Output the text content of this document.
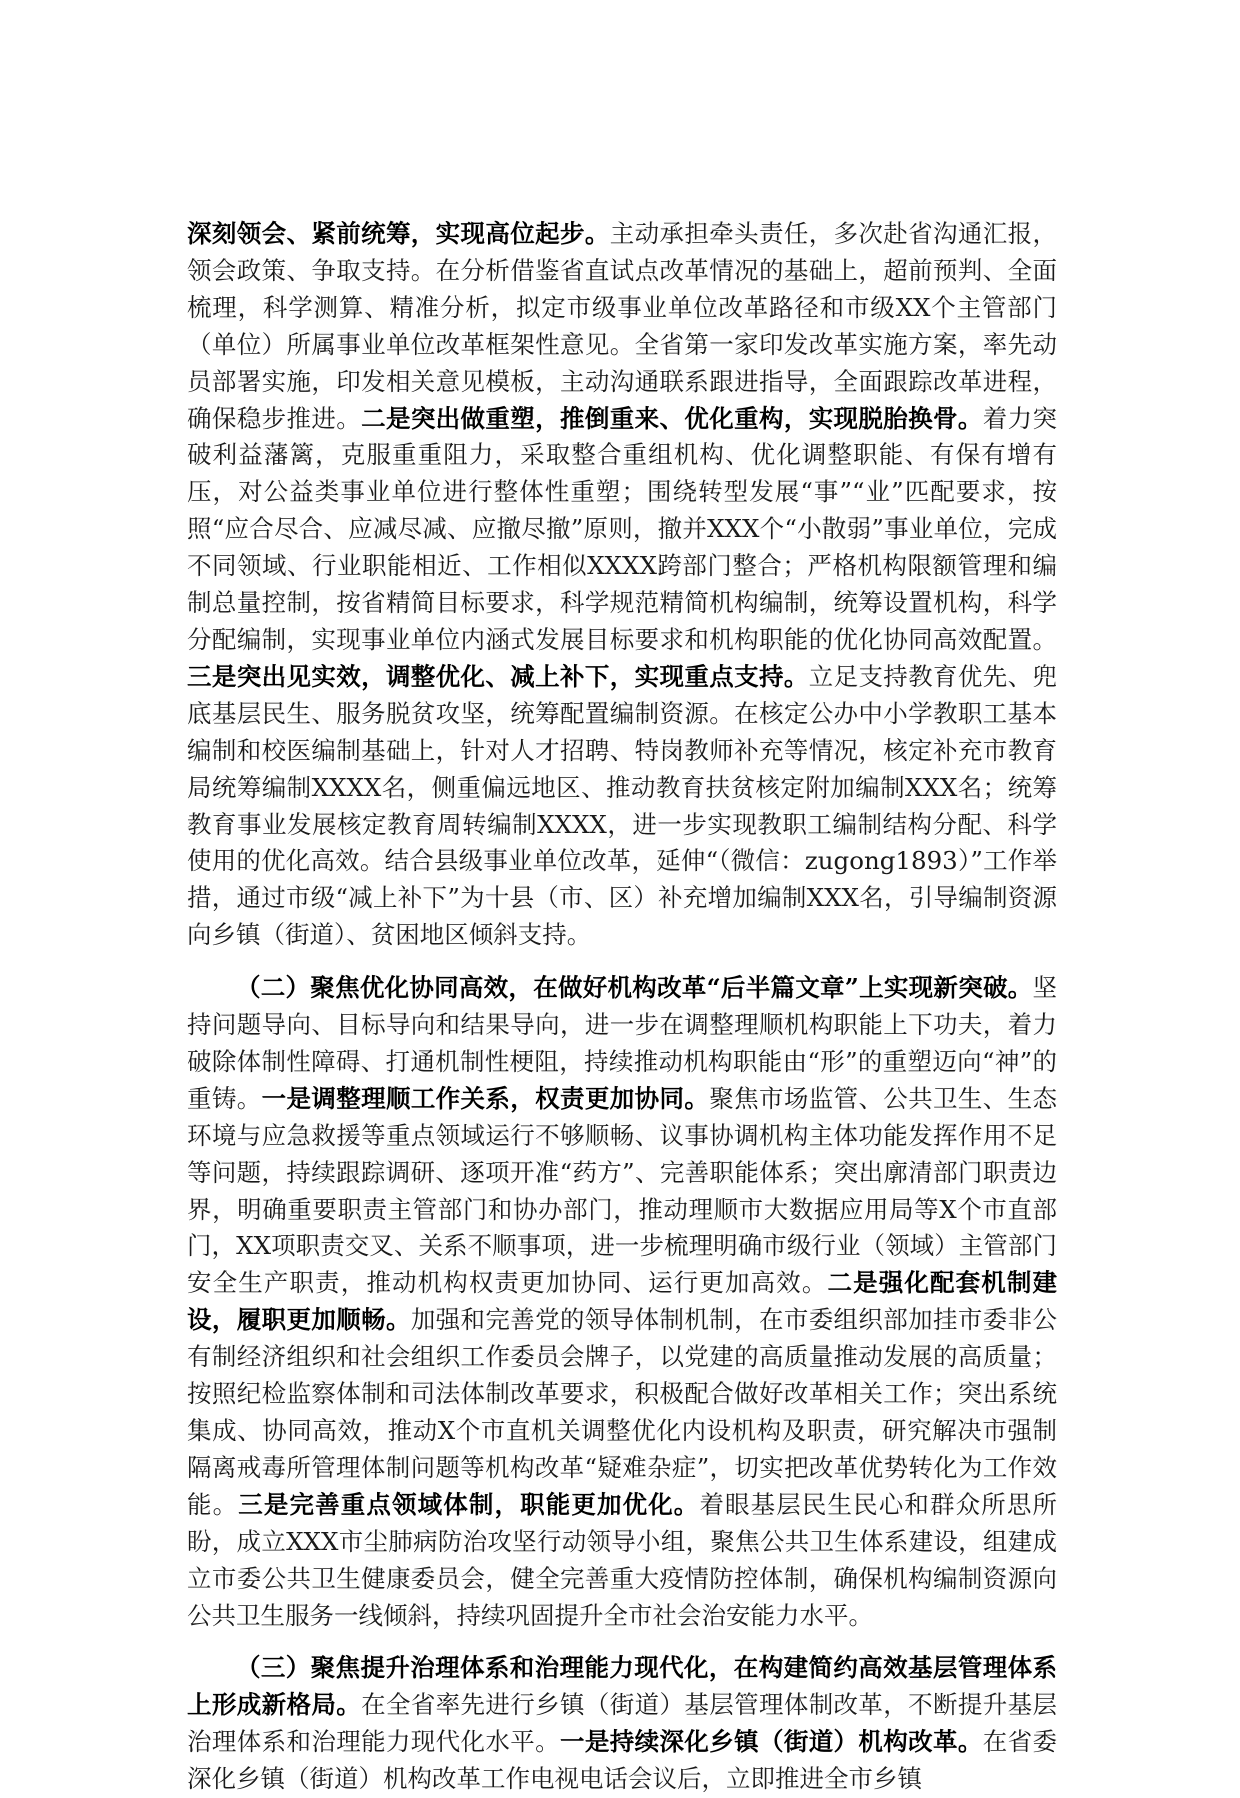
深刻领会、紧前统筹，实现高位起步。主动承担牵头责任，多次赴省沟通汇报，领会政策、争取支持。在分析借鉴省直试点改革情况的基础上，超前预判、全面梳理，科学测算、精准分析，拟定市级事业单位改革路径和市级XX个主管部门（单位）所属事业单位改革框架性意见。全省第一家印发改革实施方案，率先动员部署实施，印发相关意见模板，主动沟通联系跟进指导，全面跟踪改革进程，确保稳步推进。二是突出做重塑，推倒重来、优化重构，实现脱胎换骨。着力突破利益藩篱，克服重重阻力，采取整合重组机构、优化调整职能、有保有增有压，对公益类事业单位进行整体性重塑；围绕转型发展“事”“业”匹配要求，按照“应合尽合、应减尽减、应撤尽撤”原则，撤并XXX个“小散弱”事业单位，完成不同领域、行业职能相近、工作相似XXXX跨部门整合；严格机构限额管理和编制总量控制，按省精简目标要求，科学规范精简机构编制，统筹设置机构，科学分配编制，实现事业单位内涵式发展目标要求和机构职能的优化协同高效配置。三是突出见实效，调整优化、减上补下，实现重点支持。立足支持教育优先、兜底基层民生、服务脱贫攻坚，统筹配置编制资源。在核定公办中小学教职工基本编制和校医编制基础上，针对人才招聘、特岗教师补充等情况，核定补充市教育局统筹编制XXXX名，侧重偏远地区、推动教育扶贫核定附加编制XXX名；统筹教育事业发展核定教育周转编制XXXX，进一步实现教职工编制结构分配、科学使用的优化高效。结合县级事业单位改革，延伸“（微信：zugong1893）”工作举措，通过市级“减上补下”为十县（市、区）补充增加编制XXX名，引导编制资源向乡镇（街道）、贫困地区倾斜支持。

（二）聚焦优化协同高效，在做好机构改革“后半篇文章”上实现新突破。坚持问题导向、目标导向和结果导向，进一步在调整理顺机构职能上下功夫，着力破除体制性障碍、打通机制性梗阻，持续推动机构职能由“形”的重塑迈向“神”的重铸。一是调整理顺工作关系，权责更加协同。聚焦市场监管、公共卫生、生态环境与应急救援等重点领域运行不够顺畅、议事协调机构主体功能发挥作用不足等问题，持续跟踪调研、逐项开准“药方”、完善职能体系；突出廓清部门职责边界，明确重要职责主管部门和协办部门，推动理顺市大数据应用局等X个市直部门，XX项职责交叉、关系不顺事项，进一步梳理明确市级行业（领域）主管部门安全生产职责，推动机构权责更加协同、运行更加高效。二是强化配套机制建设，履职更加顺畅。加强和完善党的领导体制机制，在市委组织部加挂市委非公有制经济组织和社会组织工作委员会牌子，以党建的高质量推动发展的高质量；按照纪检监察体制和司法体制改革要求，积极配合做好改革相关工作；突出系统集成、协同高效，推动X个市直机关调整优化内设机构及职责，研究解决市强制隔离戒毒所管理体制问题等机构改革“疑难杂症”，切实把改革优势转化为工作效能。三是完善重点领域体制，职能更加优化。着眼基层民生民心和群众所思所盼，成立XXX市尘肺病防治攻坚行动领导小组，聚焦公共卫生体系建设，组建成立市委公共卫生健康委员会，健全完善重大疫情防控体制，确保机构编制资源向公共卫生服务一线倾斜，持续巩固提升全市社会治安能力水平。

（三）聚焦提升治理体系和治理能力现代化，在构建简约高效基层管理体系上形成新格局。在全省率先进行乡镇（街道）基层管理体制改革，不断提升基层治理体系和治理能力现代化水平。一是持续深化乡镇（街道）机构改革。在省委深化乡镇（街道）机构改革工作电视电话会议后，立即推进全市乡镇
